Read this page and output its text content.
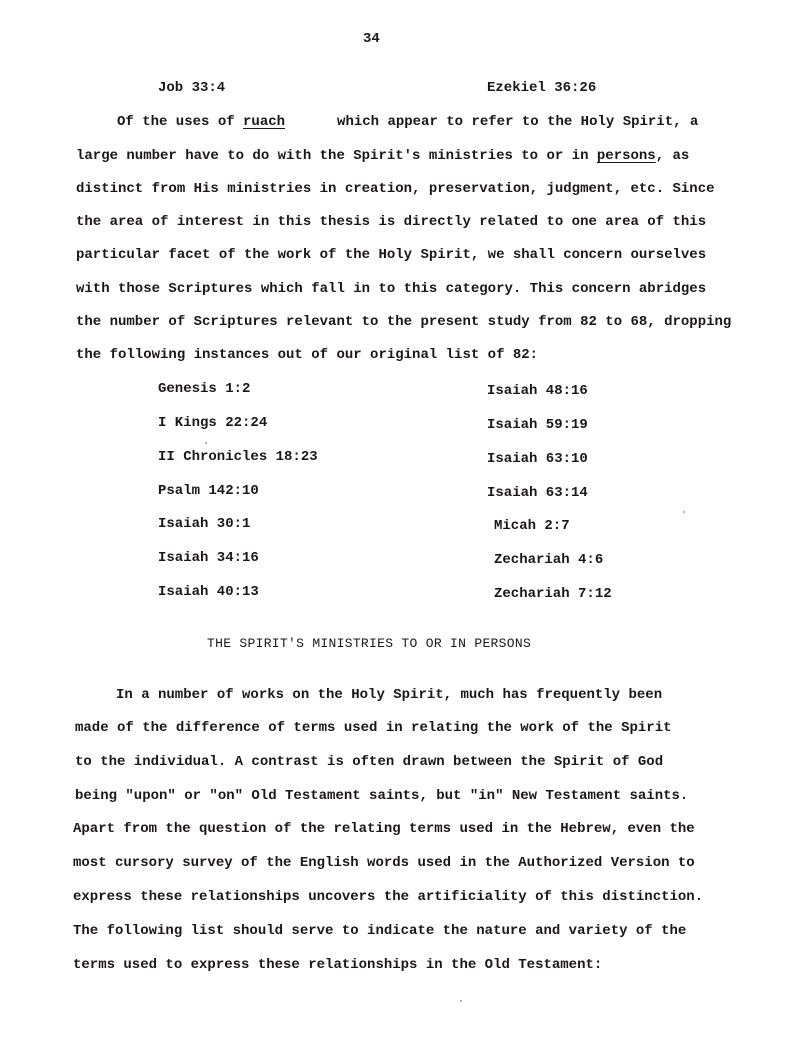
34
Job 33:4	Ezekiel 36:26
Of the uses of ruach	which appear to refer to the Holy Spirit, a
large number have to do with the Spirit's ministries to or in persons, as
distinct from His ministries in creation, preservation, judgment, etc. Since
the area of interest in this thesis is directly related to one area of this
particular facet of the work of the Holy Spirit, we shall concern ourselves
with those Scriptures which fall in to this category. This concern abridges
the number of Scriptures relevant to the present study from 82 to 68, dropping
the following instances out of our original list of 82:
Genesis 1:2
I Kings 22:24
II Chronicles 18:23
Psalm 142:10
Isaiah 30:1
Isaiah 34:16
Isaiah 40:13
Isaiah 48:16
Isaiah 59:19
Isaiah 63:10
Isaiah 63:14
Micah 2:7
Zechariah 4:6
Zechariah 7:12
THE SPIRIT'S MINISTRIES TO OR IN PERSONS
In a number of works on the Holy Spirit, much has frequently been
made of the difference of terms used in relating the work of the Spirit
to the individual. A contrast is often drawn between the Spirit of God
being "upon" or "on" Old Testament saints, but "in" New Testament saints.
Apart from the question of the relating terms used in the Hebrew, even the
most cursory survey of the English words used in the Authorized Version to
express these relationships uncovers the artificiality of this distinction.
The following list should serve to indicate the nature and variety of the
terms used to express these relationships in the Old Testament:
